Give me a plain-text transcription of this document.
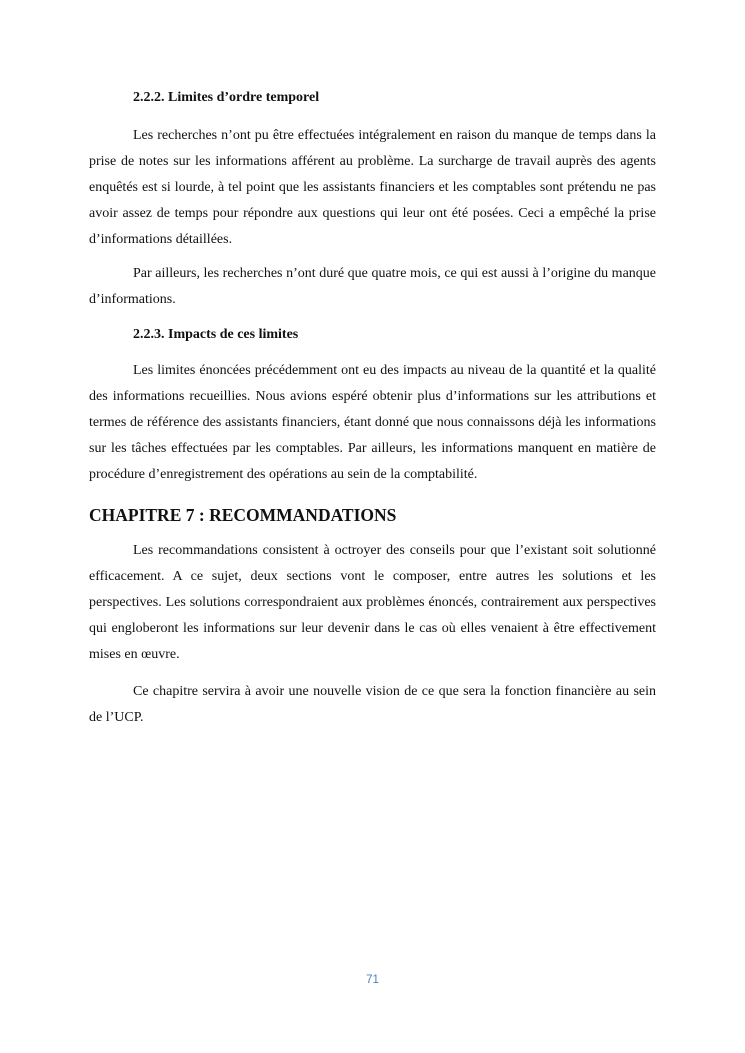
2.2.2. Limites d’ordre temporel

Les recherches n’ont pu être effectuées intégralement en raison du manque de temps dans la prise de notes sur les informations afférent au problème. La surcharge de travail auprès des agents enquêtés est si lourde, à tel point que les assistants financiers et les comptables sont prétendu ne pas avoir assez de temps pour répondre aux questions qui leur ont été posées. Ceci a empêché la prise d’informations détaillées.

Par ailleurs, les recherches n’ont duré que quatre mois, ce qui est aussi à l’origine du manque d’informations.

2.2.3. Impacts de ces limites

Les limites énoncées précédemment ont eu des impacts au niveau de la quantité et la qualité des informations recueillies. Nous avions espéré obtenir plus d’informations sur les attributions et termes de référence des assistants financiers, étant donné que nous connaissons déjà les informations sur les tâches effectuées par les comptables. Par ailleurs, les informations manquent en matière de procédure d’enregistrement des opérations au sein de la comptabilité.

CHAPITRE 7 : RECOMMANDATIONS

Les recommandations consistent à octroyer des conseils pour que l’existant soit solutionné efficacement. A ce sujet, deux sections vont le composer, entre autres les solutions et les perspectives. Les solutions correspondraient aux problèmes énoncés, contrairement aux perspectives qui engloberont les informations sur leur devenir dans le cas où elles venaient à être effectivement mises en œuvre.

Ce chapitre servira à avoir une nouvelle vision de ce que sera la fonction financière au sein de l’UCP.

71
